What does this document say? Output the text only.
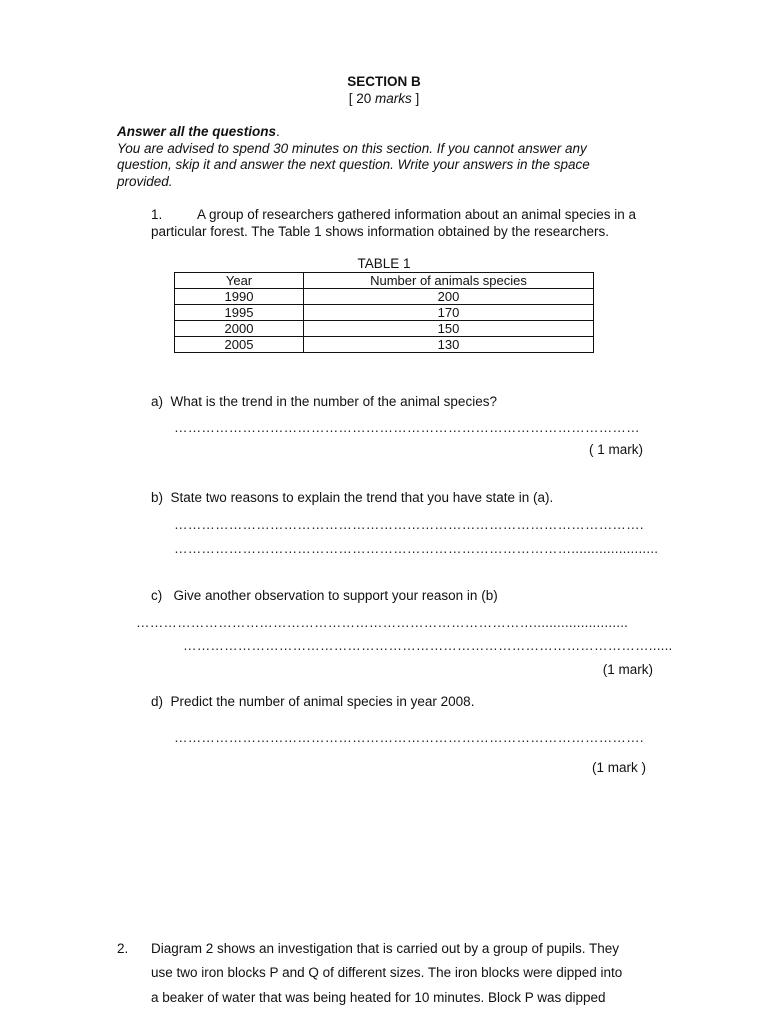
SECTION B
[ 20 marks ]
Answer all the questions.
You are advised to spend 30 minutes on this section. If you cannot answer any question, skip it and answer the next question. Write your answers in the space provided.
1.	A group of researchers gathered information about an animal species in a particular forest. The Table 1 shows information obtained by the researchers.
TABLE 1
Year	Number of animals species
1990	200
1995	170
2000	150
2005	130
a) What is the trend in the number of the animal species?
…………………………………………………………………………………………
( 1 mark)
b) State two reasons to explain the trend that you have state in (a).
………………………………………………………………………………………….
……………………………………………………………………………......................
c) Give another observation to support your reason in (b)
……………………………………………………………………………........................
…………………………………………………………………………………………......
(1 mark)
d) Predict the number of animal species in year 2008.
………………………………………………………………………………………….
(1 mark )
2. Diagram 2 shows an investigation that is carried out by a group of pupils. They
use two iron blocks P and Q of different sizes. The iron blocks were dipped into
a beaker of water that was being heated for 10 minutes. Block P was dipped
